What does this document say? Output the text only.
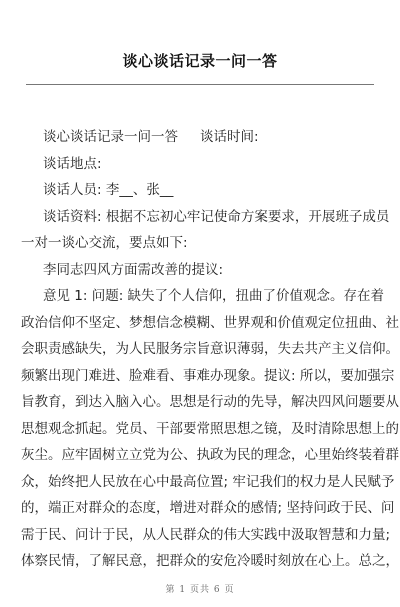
谈心谈话记录一问一答
谈心谈话记录一问一答 谈话时间:
谈话地点:
谈话人员: 李__、张__
谈话资料: 根据不忘初心牢记使命方案要求，开展班子成员
一对一谈心交流，要点如下:
李同志四风方面需改善的提议:
意见 1: 问题: 缺失了个人信仰，扭曲了价值观念。存在着
政治信仰不坚定、梦想信念模糊、世界观和价值观定位扭曲、社
会职责感缺失，为人民服务宗旨意识薄弱，失去共产主义信仰。
频繁出现门难进、脸难看、事难办现象。提议: 所以，要加强宗
旨教育，到达入脑入心。思想是行动的先导，解决四风问题要从
思想观念抓起。党员、干部要常照思想之镜，及时清除思想上的
灰尘。应牢固树立立党为公、执政为民的理念，心里始终装着群
众，始终把人民放在心中最高位置; 牢记我们的权力是人民赋予
的，端正对群众的态度，增进对群众的感情; 坚持问政于民、问
需于民、问计于民，从人民群众的伟大实践中汲取智慧和力量;
体察民情，了解民意，把群众的安危冷暖时刻放在心上。总之，
第 1 页共 6 页
